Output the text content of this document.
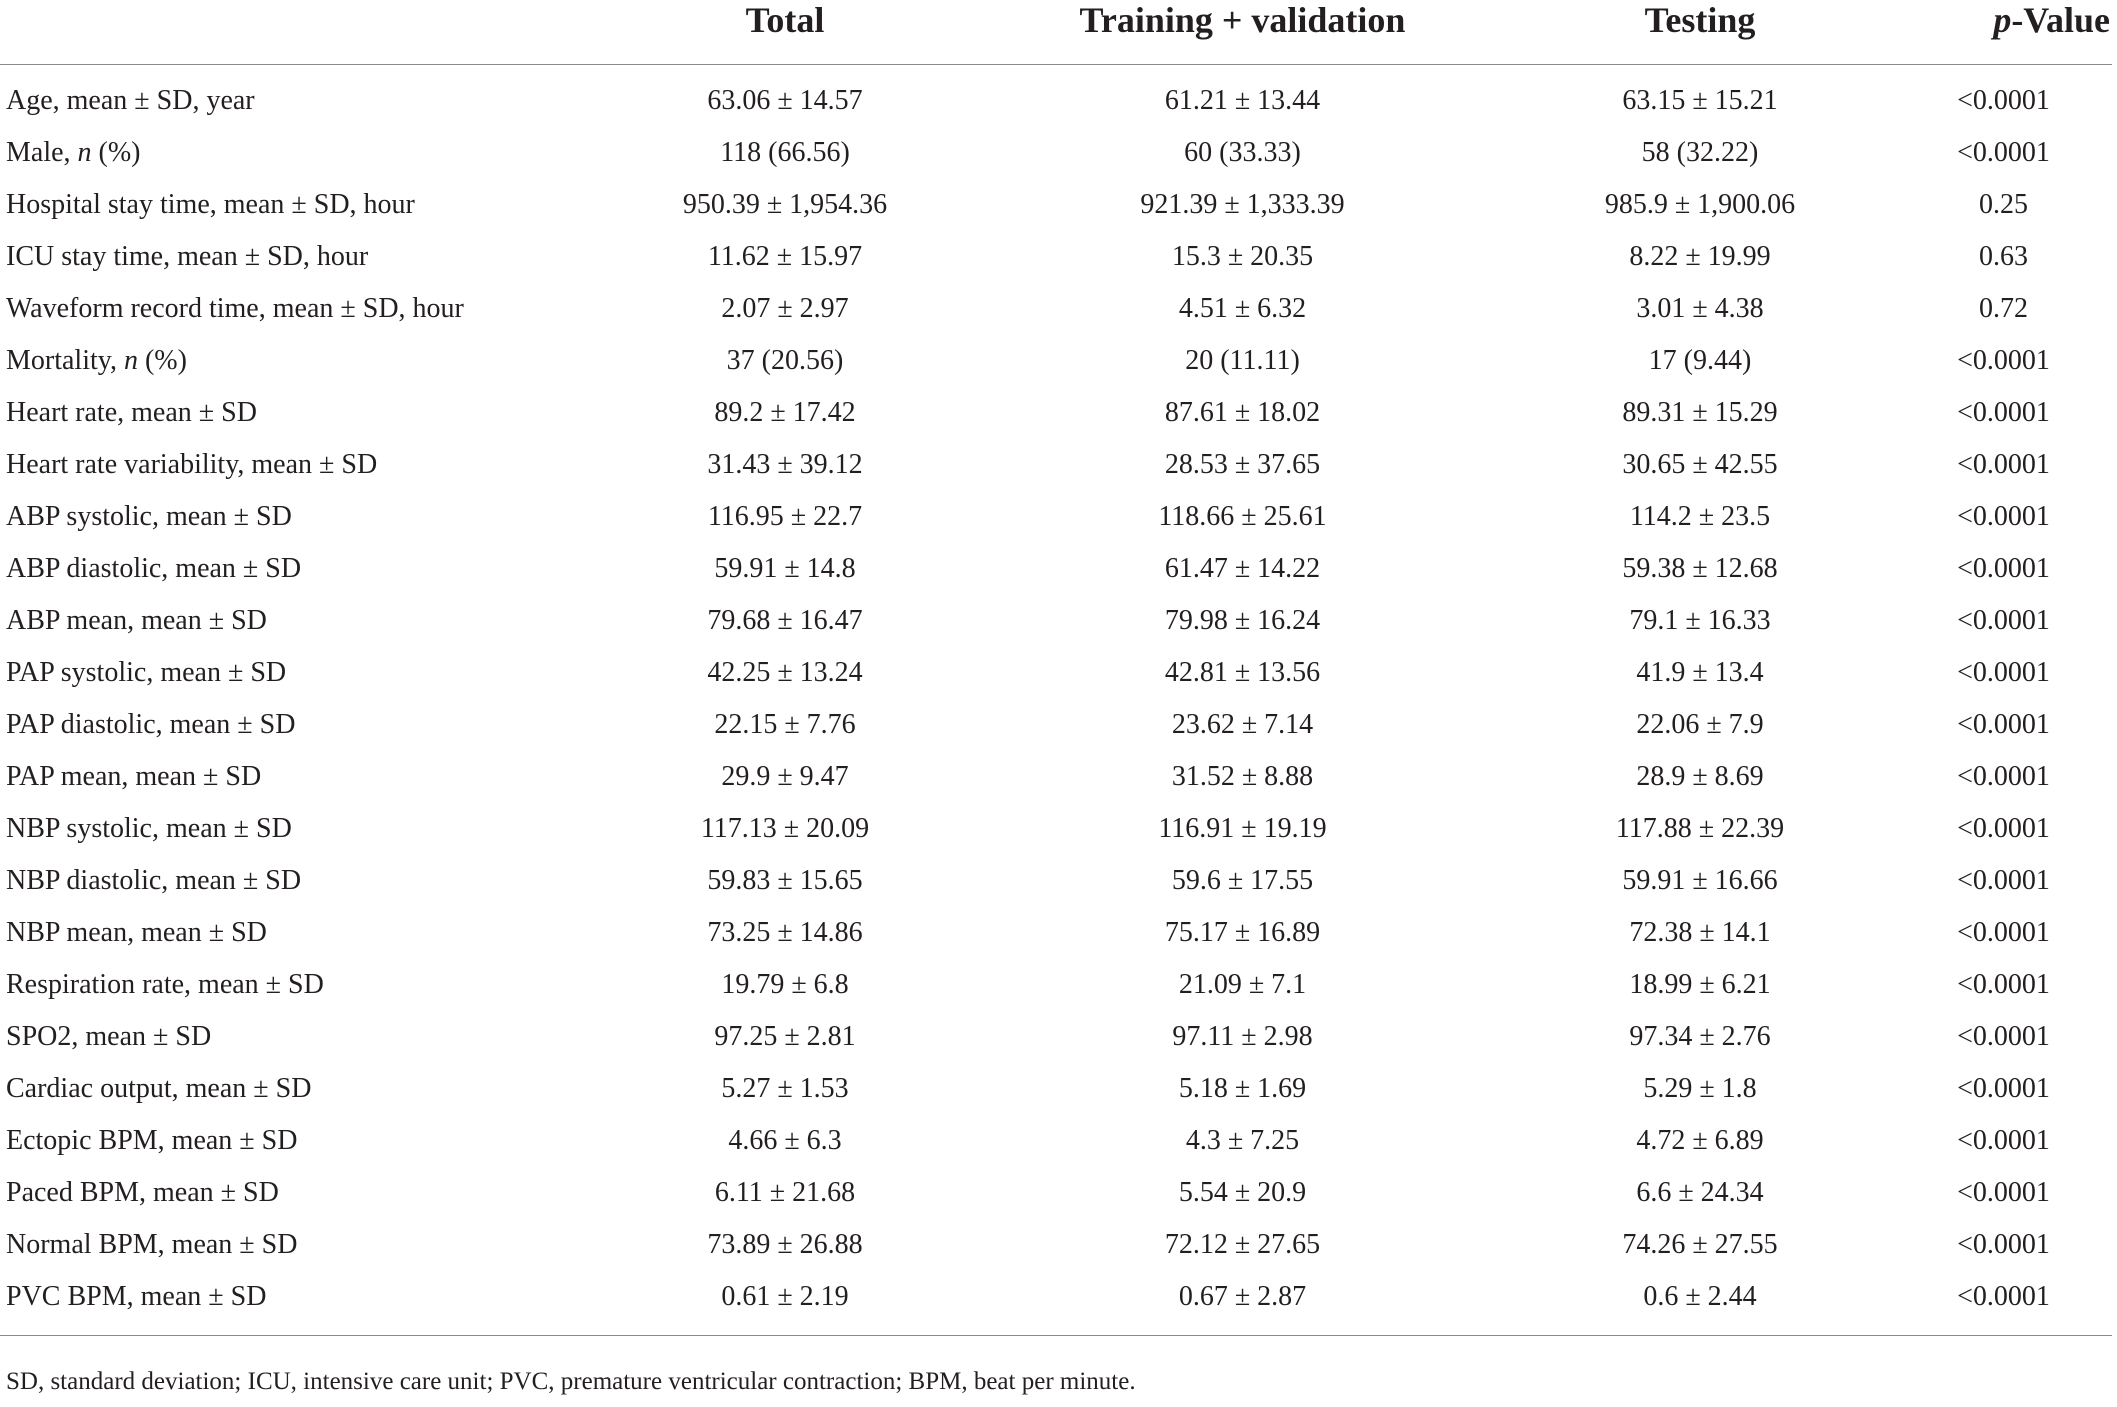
	Total	Training + validation	Testing	p-Value
Age, mean ± SD, year	63.06 ± 14.57	61.21 ± 13.44	63.15 ± 15.21	<0.0001
Male, n (%)	118 (66.56)	60 (33.33)	58 (32.22)	<0.0001
Hospital stay time, mean ± SD, hour	950.39 ± 1,954.36	921.39 ± 1,333.39	985.9 ± 1,900.06	0.25
ICU stay time, mean ± SD, hour	11.62 ± 15.97	15.3 ± 20.35	8.22 ± 19.99	0.63
Waveform record time, mean ± SD, hour	2.07 ± 2.97	4.51 ± 6.32	3.01 ± 4.38	0.72
Mortality, n (%)	37 (20.56)	20 (11.11)	17 (9.44)	<0.0001
Heart rate, mean ± SD	89.2 ± 17.42	87.61 ± 18.02	89.31 ± 15.29	<0.0001
Heart rate variability, mean ± SD	31.43 ± 39.12	28.53 ± 37.65	30.65 ± 42.55	<0.0001
ABP systolic, mean ± SD	116.95 ± 22.7	118.66 ± 25.61	114.2 ± 23.5	<0.0001
ABP diastolic, mean ± SD	59.91 ± 14.8	61.47 ± 14.22	59.38 ± 12.68	<0.0001
ABP mean, mean ± SD	79.68 ± 16.47	79.98 ± 16.24	79.1 ± 16.33	<0.0001
PAP systolic, mean ± SD	42.25 ± 13.24	42.81 ± 13.56	41.9 ± 13.4	<0.0001
PAP diastolic, mean ± SD	22.15 ± 7.76	23.62 ± 7.14	22.06 ± 7.9	<0.0001
PAP mean, mean ± SD	29.9 ± 9.47	31.52 ± 8.88	28.9 ± 8.69	<0.0001
NBP systolic, mean ± SD	117.13 ± 20.09	116.91 ± 19.19	117.88 ± 22.39	<0.0001
NBP diastolic, mean ± SD	59.83 ± 15.65	59.6 ± 17.55	59.91 ± 16.66	<0.0001
NBP mean, mean ± SD	73.25 ± 14.86	75.17 ± 16.89	72.38 ± 14.1	<0.0001
Respiration rate, mean ± SD	19.79 ± 6.8	21.09 ± 7.1	18.99 ± 6.21	<0.0001
SPO2, mean ± SD	97.25 ± 2.81	97.11 ± 2.98	97.34 ± 2.76	<0.0001
Cardiac output, mean ± SD	5.27 ± 1.53	5.18 ± 1.69	5.29 ± 1.8	<0.0001
Ectopic BPM, mean ± SD	4.66 ± 6.3	4.3 ± 7.25	4.72 ± 6.89	<0.0001
Paced BPM, mean ± SD	6.11 ± 21.68	5.54 ± 20.9	6.6 ± 24.34	<0.0001
Normal BPM, mean ± SD	73.89 ± 26.88	72.12 ± 27.65	74.26 ± 27.55	<0.0001
PVC BPM, mean ± SD	0.61 ± 2.19	0.67 ± 2.87	0.6 ± 2.44	<0.0001
SD, standard deviation; ICU, intensive care unit; PVC, premature ventricular contraction; BPM, beat per minute.
